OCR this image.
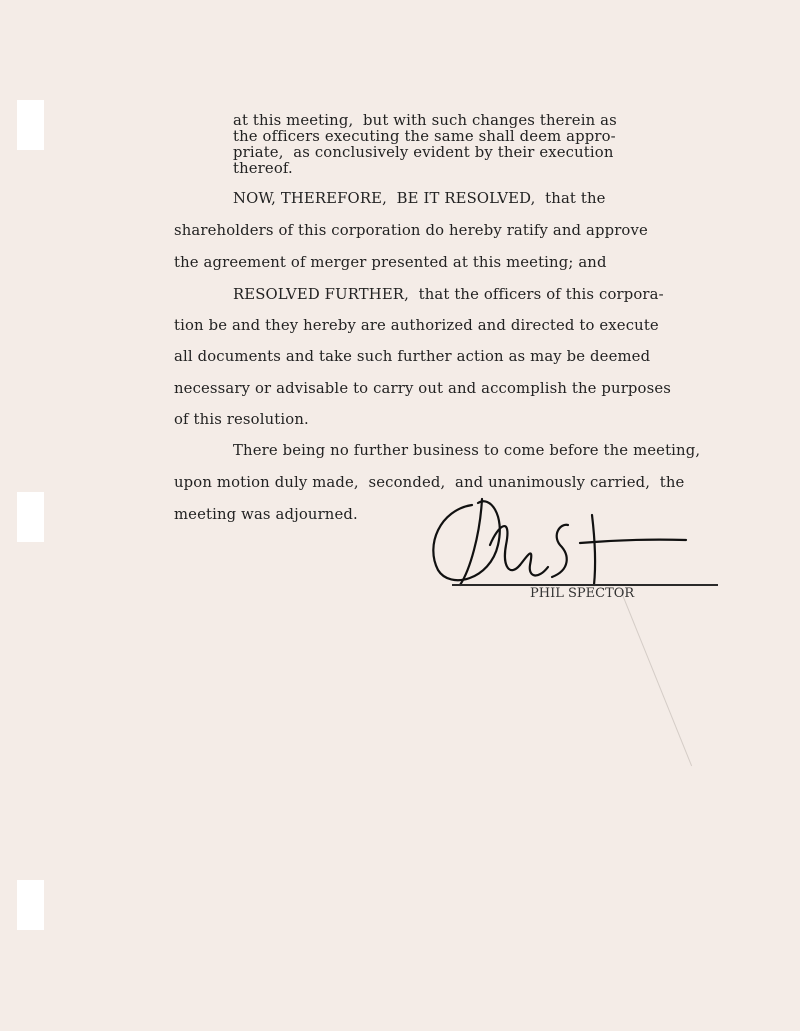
at this meeting,  but with such changes therein as
the officers executing the same shall deem appro-
priate,  as conclusively evident by their execution
thereof.
NOW, THEREFORE,  BE IT RESOLVED,  that the
shareholders of this corporation do hereby ratify and approve
the agreement of merger presented at this meeting; and
RESOLVED FURTHER,  that the officers of this corpora-
tion be and they hereby are authorized and directed to execute
all documents and take such further action as may be deemed
necessary or advisable to carry out and accomplish the purposes
of this resolution.
There being no further business to come before the meeting,
upon motion duly made,  seconded,  and unanimously carried,  the
meeting was adjourned.
PHIL SPECTOR
